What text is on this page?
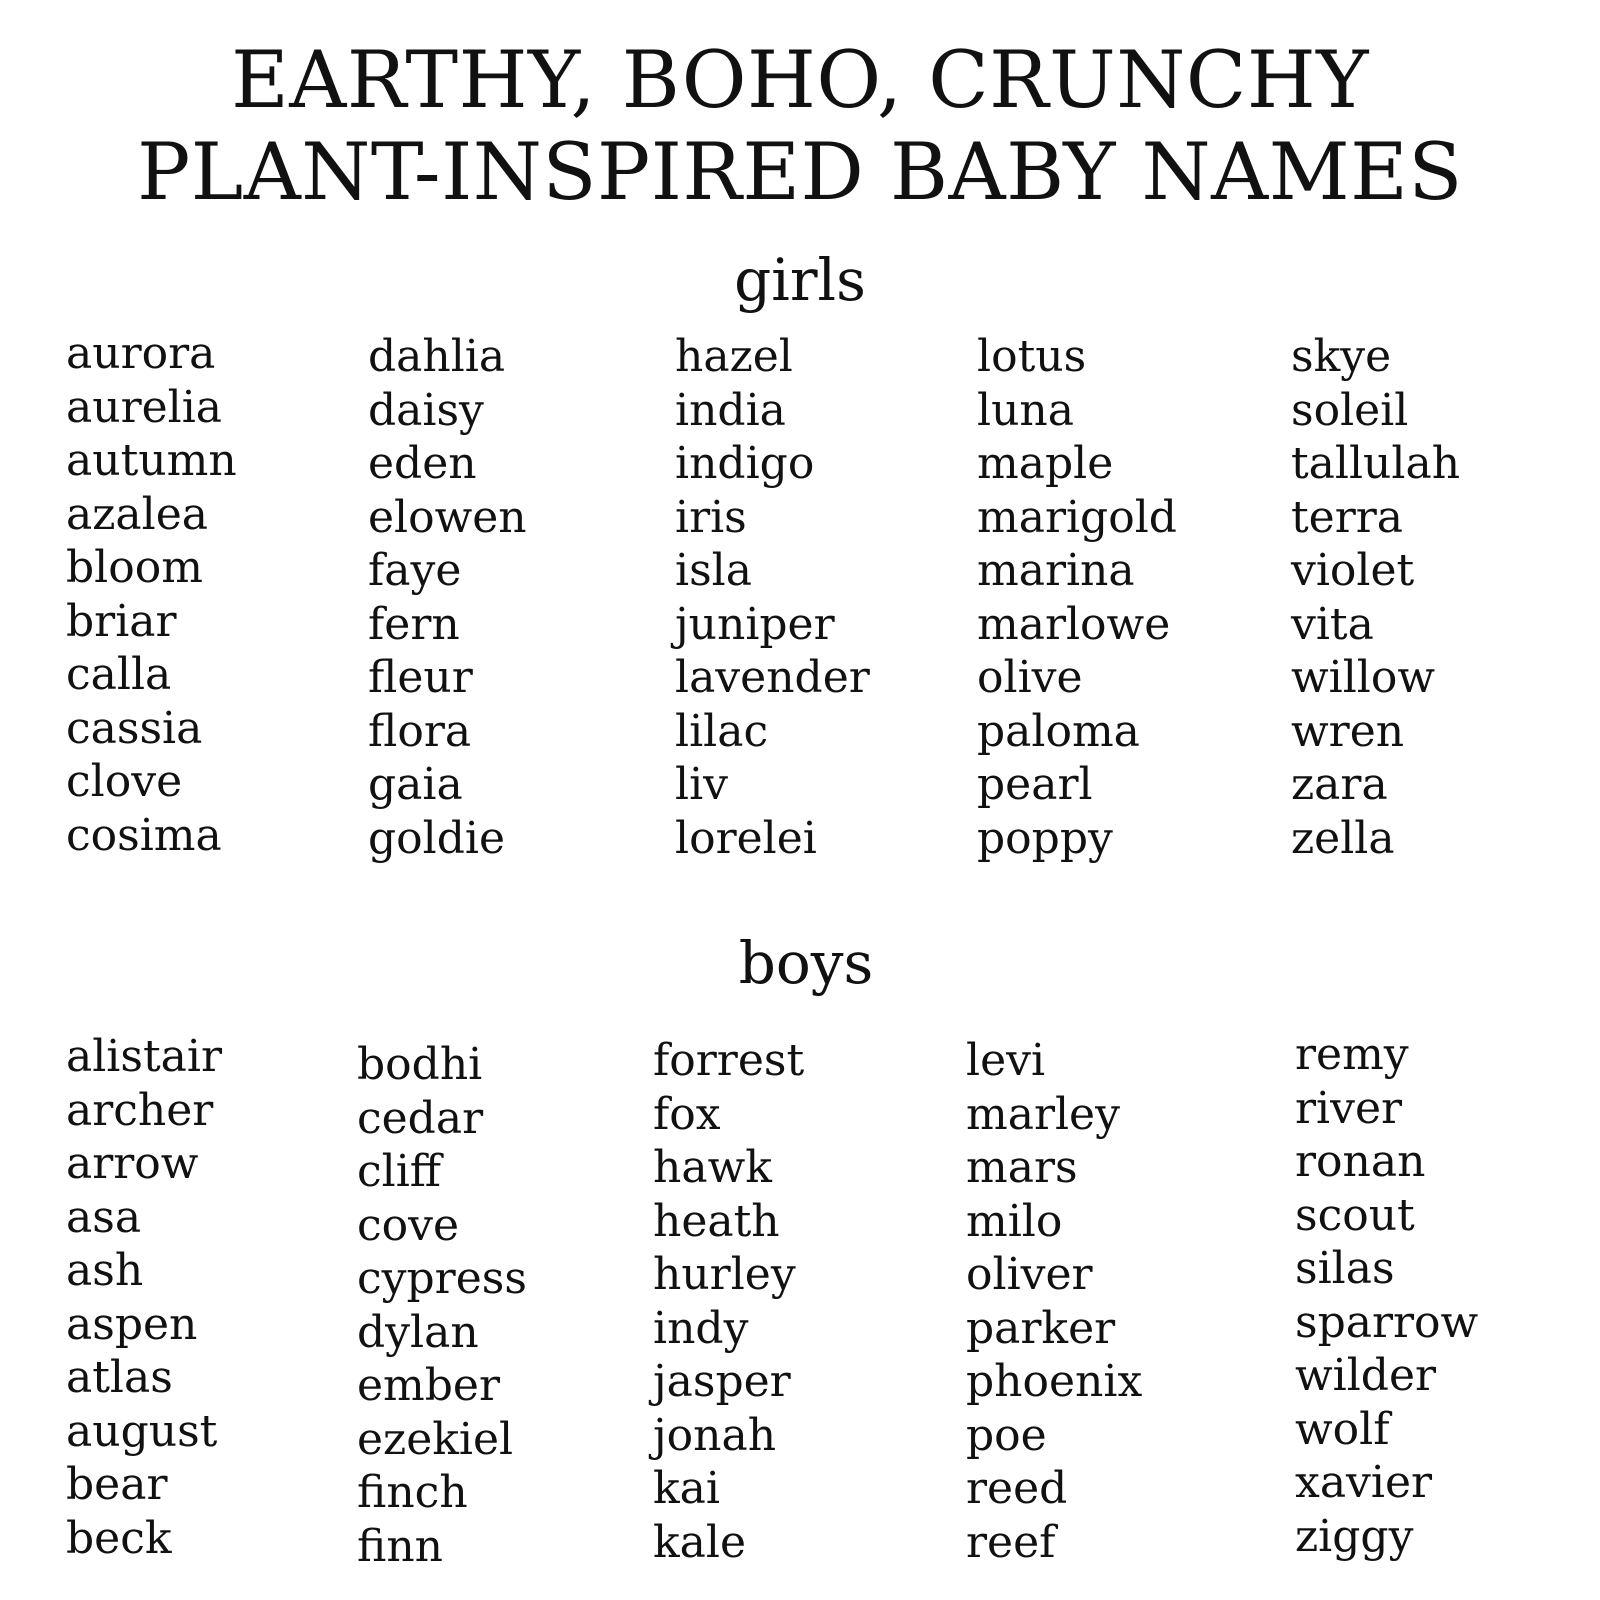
EARTHY, BOHO, CRUNCHY
PLANT-INSPIRED BABY NAMES
girls
boys
aurora
aurelia
autumn
azalea
bloom
briar
calla
cassia
clove
cosima
dahlia
daisy
eden
elowen
faye
fern
fleur
flora
gaia
goldie
hazel
india
indigo
iris
isla
juniper
lavender
lilac
liv
lorelei
lotus
luna
maple
marigold
marina
marlowe
olive
paloma
pearl
poppy
skye
soleil
tallulah
terra
violet
vita
willow
wren
zara
zella
alistair
archer
arrow
asa
ash
aspen
atlas
august
bear
beck
bodhi
cedar
cliff
cove
cypress
dylan
ember
ezekiel
finch
finn
forrest
fox
hawk
heath
hurley
indy
jasper
jonah
kai
kale
levi
marley
mars
milo
oliver
parker
phoenix
poe
reed
reef
remy
river
ronan
scout
silas
sparrow
wilder
wolf
xavier
ziggy
